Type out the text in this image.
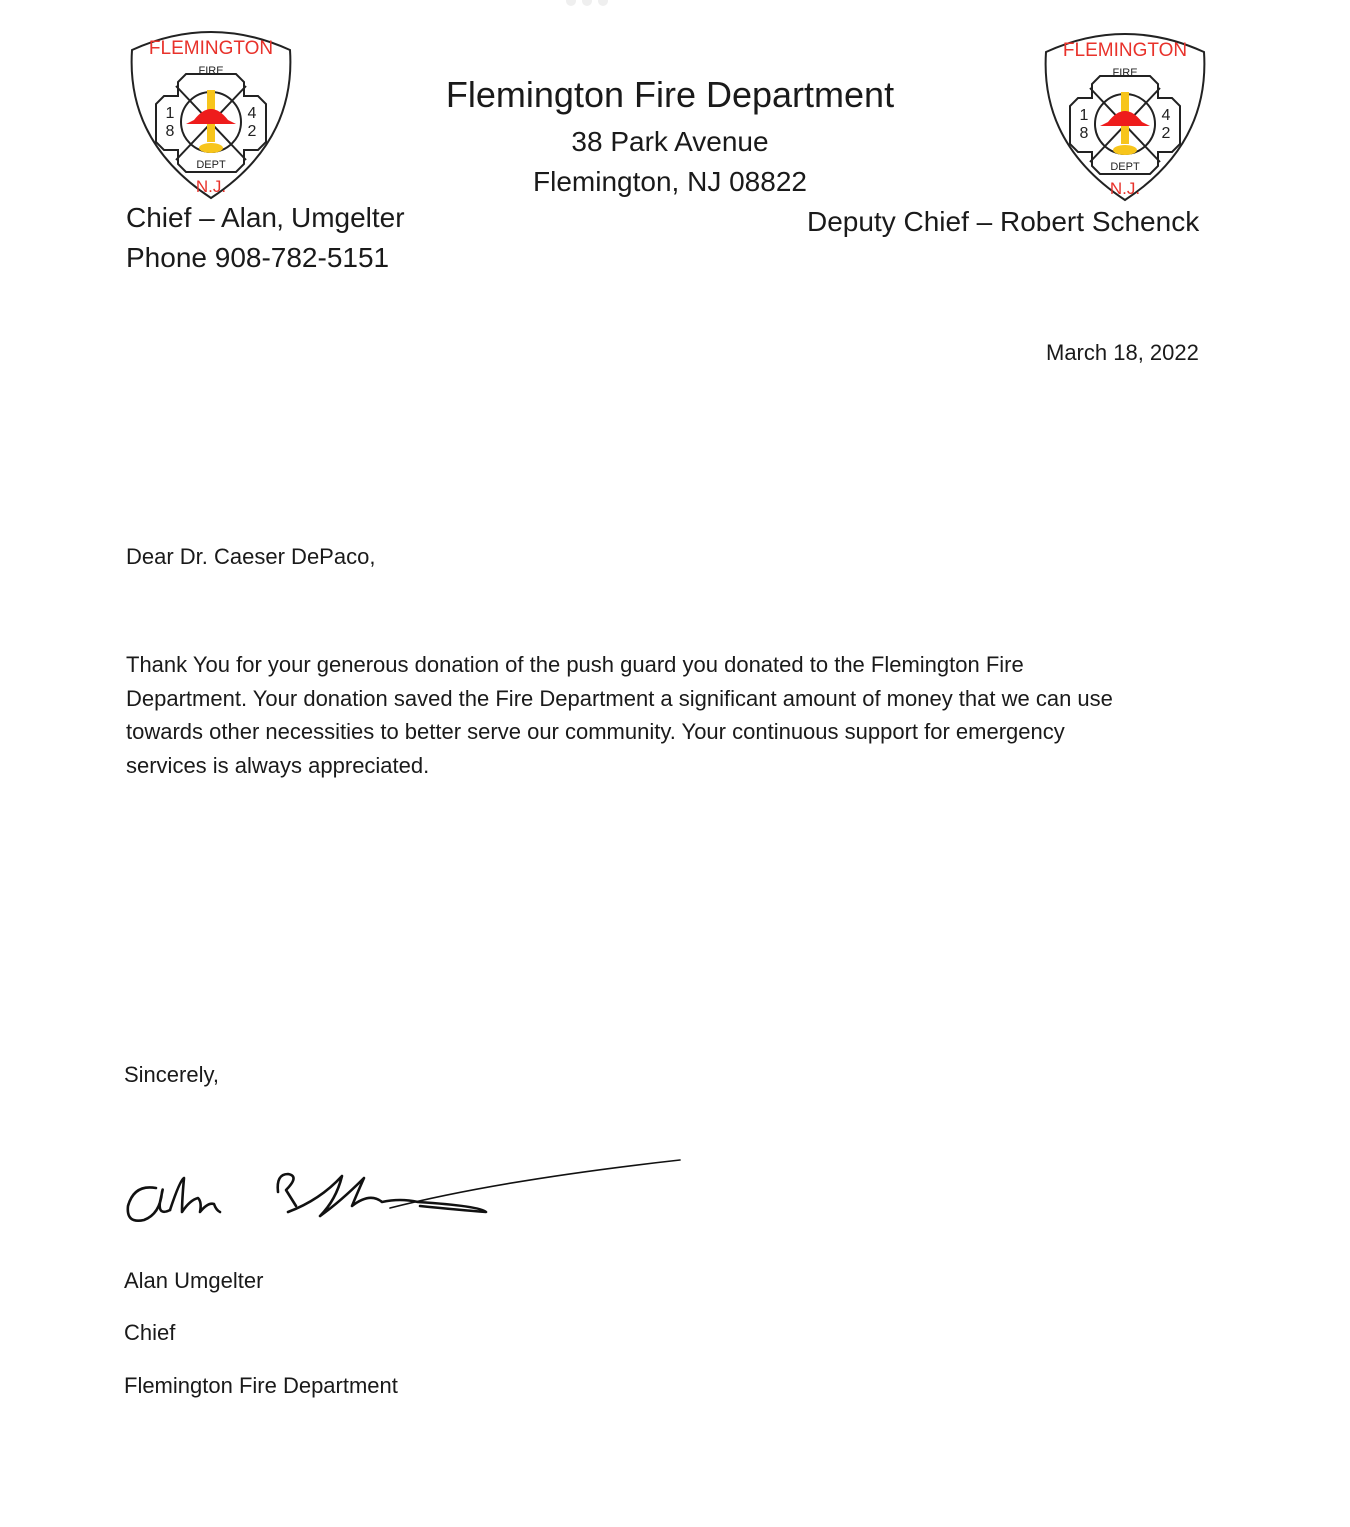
FLEMINGTON
FIRE
DEPT
1
8
4
2
N.J.
FLEMINGTON
FIRE
DEPT
1
8
4
2
N.J.
Flemington Fire Department
38 Park Avenue
Flemington, NJ 08822
Chief – Alan‚ Umgelter
Phone 908-782-5151
Deputy Chief – Robert Schenck
March 18, 2022
Dear Dr. Caeser DePaco,
Thank You for your generous donation of the push guard you donated to the Flemington Fire
Department. Your donation saved the Fire Department a significant amount of money that we can use
towards other necessities to better serve our community. Your continuous support for emergency
services is always appreciated.
Sincerely,
Alan Umgelter
Chief
Flemington Fire Department
